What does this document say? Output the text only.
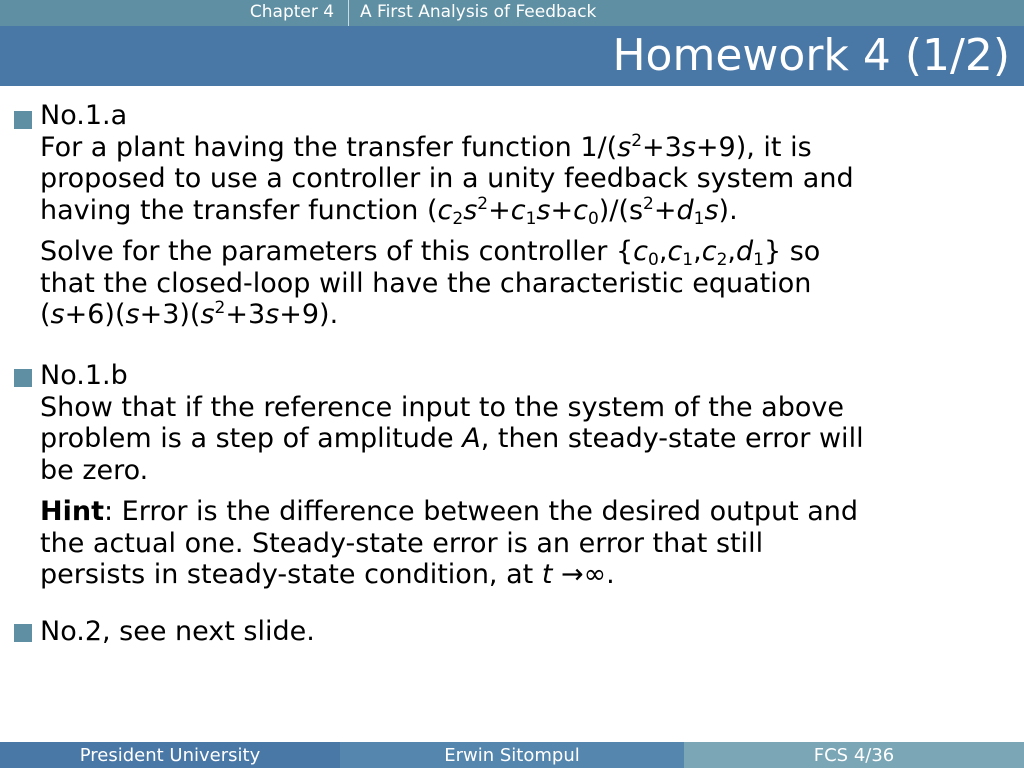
Chapter 4	A First Analysis of Feedback
Homework 4 (1/2)

No.1.a

For a plant having the transfer function $1/(s^2+3s+9)$, it is

proposed to use a controller in a unity feedback system and

having the transfer function $(c_2s^2+c_1s+c_0)/(s^2+d_1s)$.

Solve for the parameters of this controller $\{c_0,c_1,c_2,d_1\}$ so

that the closed-loop will have the characteristic equation

$(s+6)(s+3)(s^2+3s+9)$.

No.1.b

Show that if the reference input to the system of the above

problem is a step of amplitude A, then steady-state error will

be zero.

Hint: Error is the difference between the desired output and

the actual one. Steady-state error is an error that still

persists in steady-state condition, at t →∞.

No.2, see next slide.

President University	Erwin Sitompul	FCS 4/36
